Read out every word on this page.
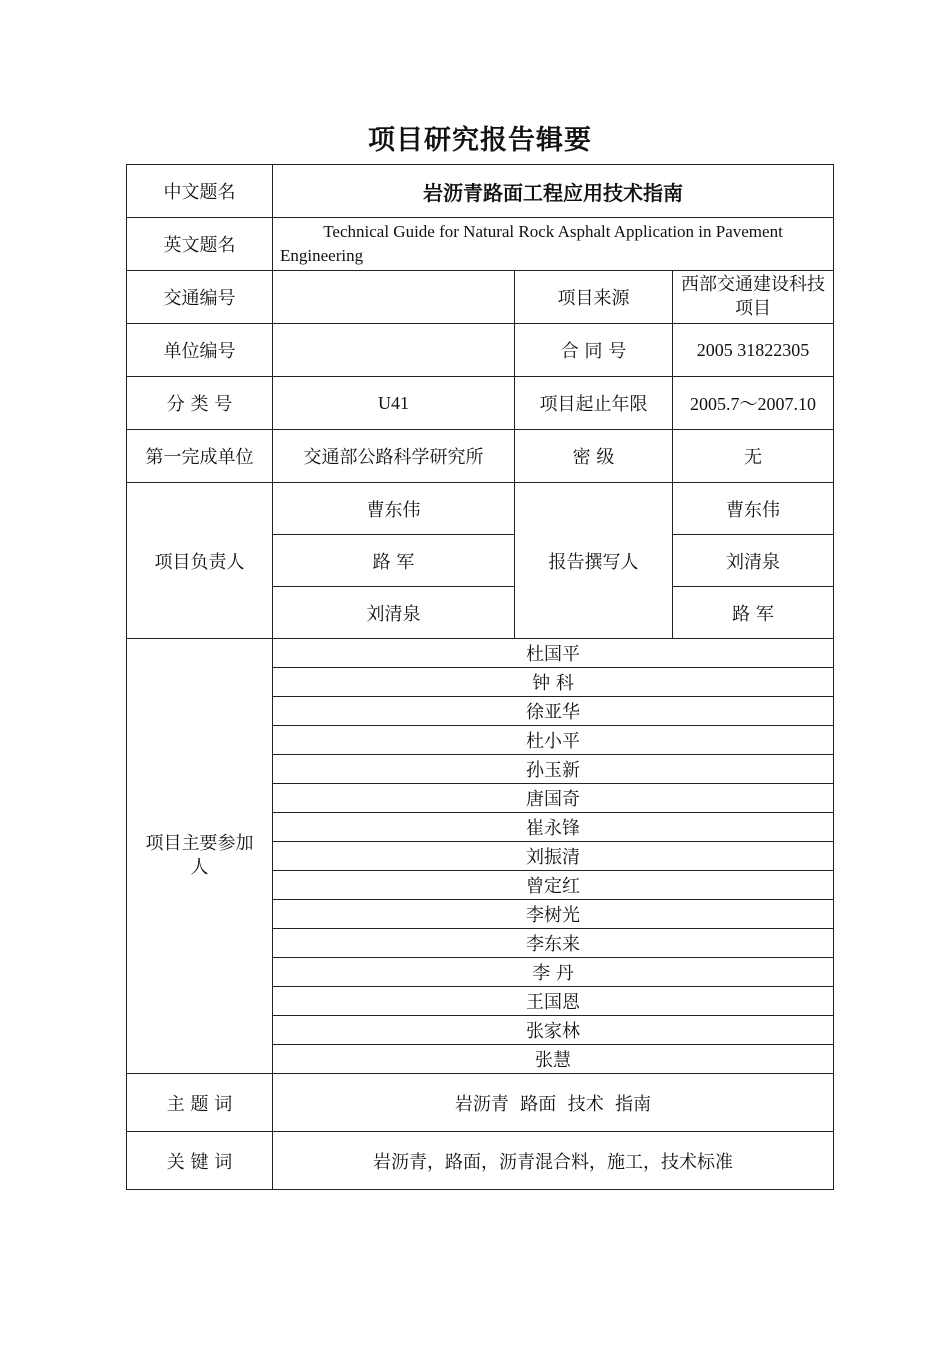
项目研究报告辑要
中文题名	岩沥青路面工程应用技术指南		
英文题名	Technical Guide for Natural Rock Asphalt Application in Pavement Engineering		
交通编号		项目来源	西部交通建设科技项目
单位编号		合 同 号	2005 31822305
分 类 号	U41	项目起止年限	2005.7～2007.10
第一完成单位	交通部公路科学研究所	密 级	无
项目负责人	曹东伟	报告撰写人	曹东伟
	路 军		刘清泉
	刘清泉		路 军
项目主要参加人	杜国平		
	钟 科		
	徐亚华		
	杜小平		
	孙玉新		
	唐国奇		
	崔永锋		
	刘振清		
	曾定红		
	李树光		
	李东来		
	李 丹		
	王国恩		
	张家林		
	张慧		
主 题 词	岩沥青  路面  技术  指南		
关 键 词	岩沥青，路面，沥青混合料，施工，技术标准		
